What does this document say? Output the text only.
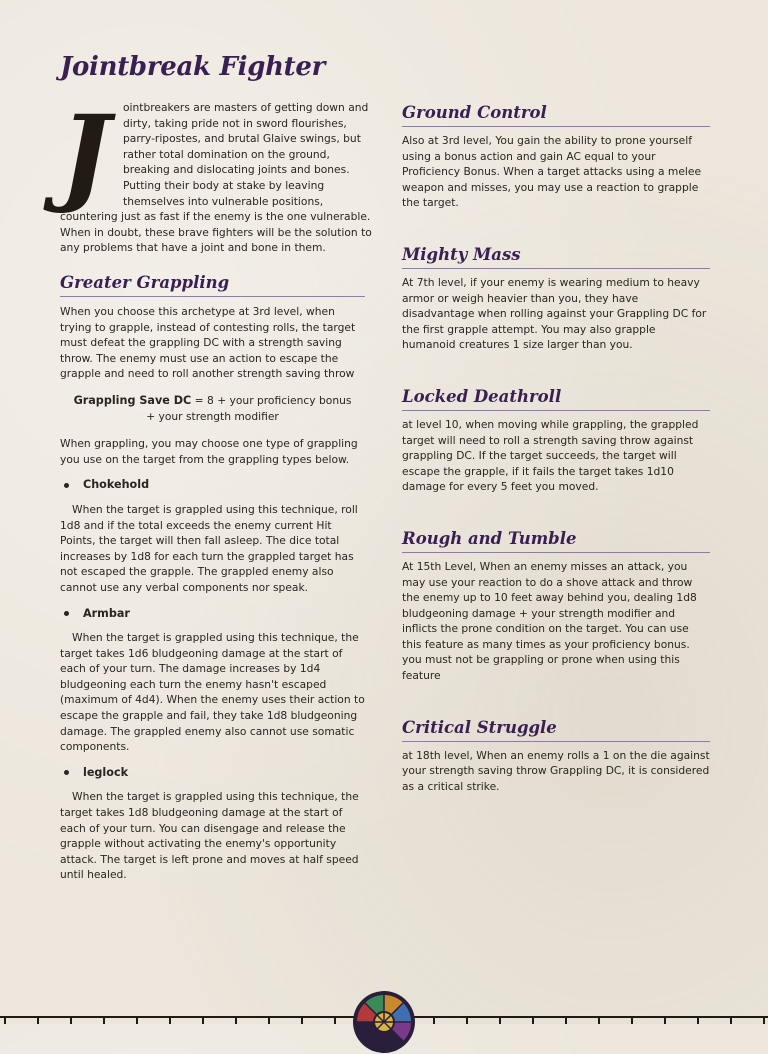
Jointbreak Fighter
J	ointbreakers are masters of getting down and
dirty, taking pride not in sword flourishes,
parry-ripostes, and brutal Glaive swings, but
rather total domination on the ground,
breaking and dislocating joints and bones.
Putting their body at stake by leaving
themselves into vulnerable positions,
countering just as fast if the enemy is the one vulnerable.
When in doubt, these brave fighters will be the solution to
any problems that have a joint and bone in them.
Greater Grappling

When you choose this archetype at 3rd level, when trying to grapple, instead of contesting rolls, the target must defeat the grappling DC with a strength saving throw. The enemy must use an action to escape the grapple and need to roll another strength saving throw

Grappling Save DC = 8 + your proficiency bonus + your strength modifier

When grappling, you may choose one type of grappling you use on the target from the grappling types below.

Chokehold

When the target is grappled using this technique, roll 1d8 and if the total exceeds the enemy current Hit Points, the target will then fall asleep. The dice total increases by 1d8 for each turn the grappled target has not escaped the grapple. The grappled enemy also cannot use any verbal components nor speak.

Armbar

When the target is grappled using this technique, the target takes 1d6 bludgeoning damage at the start of each of your turn. The damage increases by 1d4 bludgeoning each turn the enemy hasn't escaped (maximum of 4d4). When the enemy uses their action to escape the grapple and fail, they take 1d8 bludgeoning damage. The grappled enemy also cannot use somatic components.

leglock

When the target is grappled using this technique, the target takes 1d8 bludgeoning damage at the start of each of your turn. You can disengage and release the grapple without activating the enemy's opportunity attack. The target is left prone and moves at half speed until healed.

Ground Control

Also at 3rd level, You gain the ability to prone yourself using a bonus action and gain AC equal to your Proficiency Bonus. When a target attacks using a melee weapon and misses, you may use a reaction to grapple the target.

Mighty Mass

At 7th level, if your enemy is wearing medium to heavy armor or weigh heavier than you, they have disadvantage when rolling against your Grappling DC for the first grapple attempt. You may also grapple humanoid creatures 1 size larger than you.

Locked Deathroll

at level 10, when moving while grappling, the grappled target will need to roll a strength saving throw against grappling DC. If the target succeeds, the target will escape the grapple, if it fails the target takes 1d10 damage for every 5 feet you moved.

Rough and Tumble

At 15th Level, When an enemy misses an attack, you may use your reaction to do a shove attack and throw the enemy up to 10 feet away behind you, dealing 1d8 bludgeoning damage + your strength modifier and inflicts the prone condition on the target. You can use this feature as many times as your proficiency bonus. you must not be grappling or prone when using this feature

Critical Struggle

at 18th level, When an enemy rolls a 1 on the die against your strength saving throw Grappling DC, it is considered as a critical strike.
